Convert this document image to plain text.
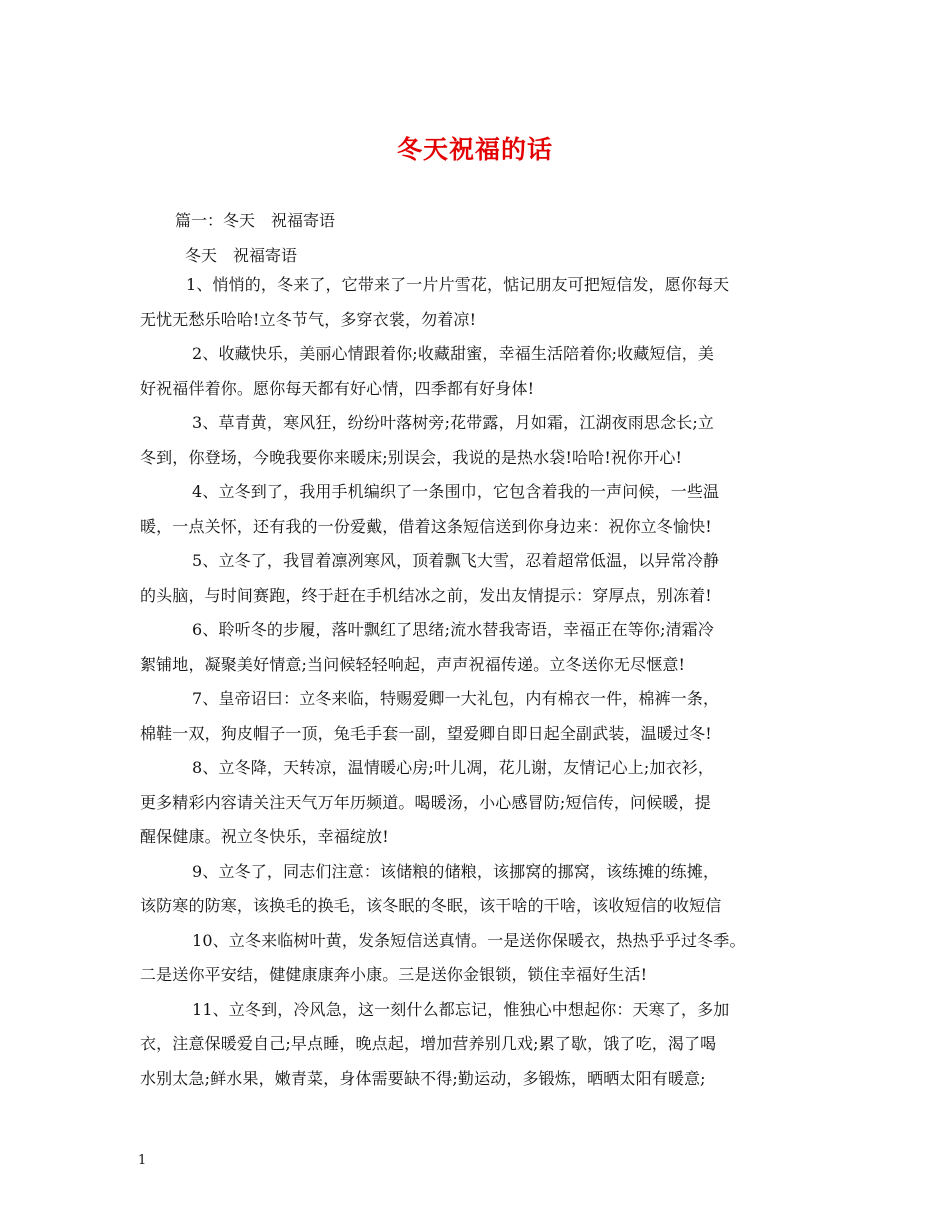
冬天祝福的话
篇一：冬天　祝福寄语
冬天　祝福寄语
1、悄悄的，冬来了，它带来了一片片雪花，惦记朋友可把短信发，愿你每天
无忧无愁乐哈哈!立冬节气，多穿衣裳，勿着凉!
2、收藏快乐，美丽心情跟着你;收藏甜蜜，幸福生活陪着你;收藏短信，美
好祝福伴着你。愿你每天都有好心情，四季都有好身体!
3、草青黄，寒风狂，纷纷叶落树旁;花带露，月如霜，江湖夜雨思念长;立
冬到，你登场，今晚我要你来暖床;别误会，我说的是热水袋!哈哈!祝你开心!
4、立冬到了，我用手机编织了一条围巾，它包含着我的一声问候，一些温
暖，一点关怀，还有我的一份爱戴，借着这条短信送到你身边来：祝你立冬愉快!
5、立冬了，我冒着凛冽寒风，顶着飘飞大雪，忍着超常低温，以异常冷静
的头脑，与时间赛跑，终于赶在手机结冰之前，发出友情提示：穿厚点，别冻着!
6、聆听冬的步履，落叶飘红了思绪;流水替我寄语，幸福正在等你;清霜冷
絮铺地，凝聚美好情意;当问候轻轻响起，声声祝福传递。立冬送你无尽惬意!
7、皇帝诏曰：立冬来临，特赐爱卿一大礼包，内有棉衣一件，棉裤一条，
棉鞋一双，狗皮帽子一顶，兔毛手套一副，望爱卿自即日起全副武装，温暖过冬!
8、立冬降，天转凉，温情暖心房;叶儿凋，花儿谢，友情记心上;加衣衫，
更多精彩内容请关注天气万年历频道。喝暖汤，小心感冒防;短信传，问候暖，提
醒保健康。祝立冬快乐，幸福绽放!
9、立冬了，同志们注意：该储粮的储粮，该挪窝的挪窝，该练摊的练摊，
该防寒的防寒，该换毛的换毛，该冬眠的冬眠，该干啥的干啥，该收短信的收短信
10、立冬来临树叶黄，发条短信送真情。一是送你保暖衣，热热乎乎过冬季。
二是送你平安结，健健康康奔小康。三是送你金银锁，锁住幸福好生活!
11、立冬到，冷风急，这一刻什么都忘记，惟独心中想起你：天寒了，多加
衣，注意保暖爱自己;早点睡，晚点起，增加营养别几戏;累了歇，饿了吃，渴了喝
水别太急;鲜水果，嫩青菜，身体需要缺不得;勤运动，多锻炼，晒晒太阳有暖意;
1
